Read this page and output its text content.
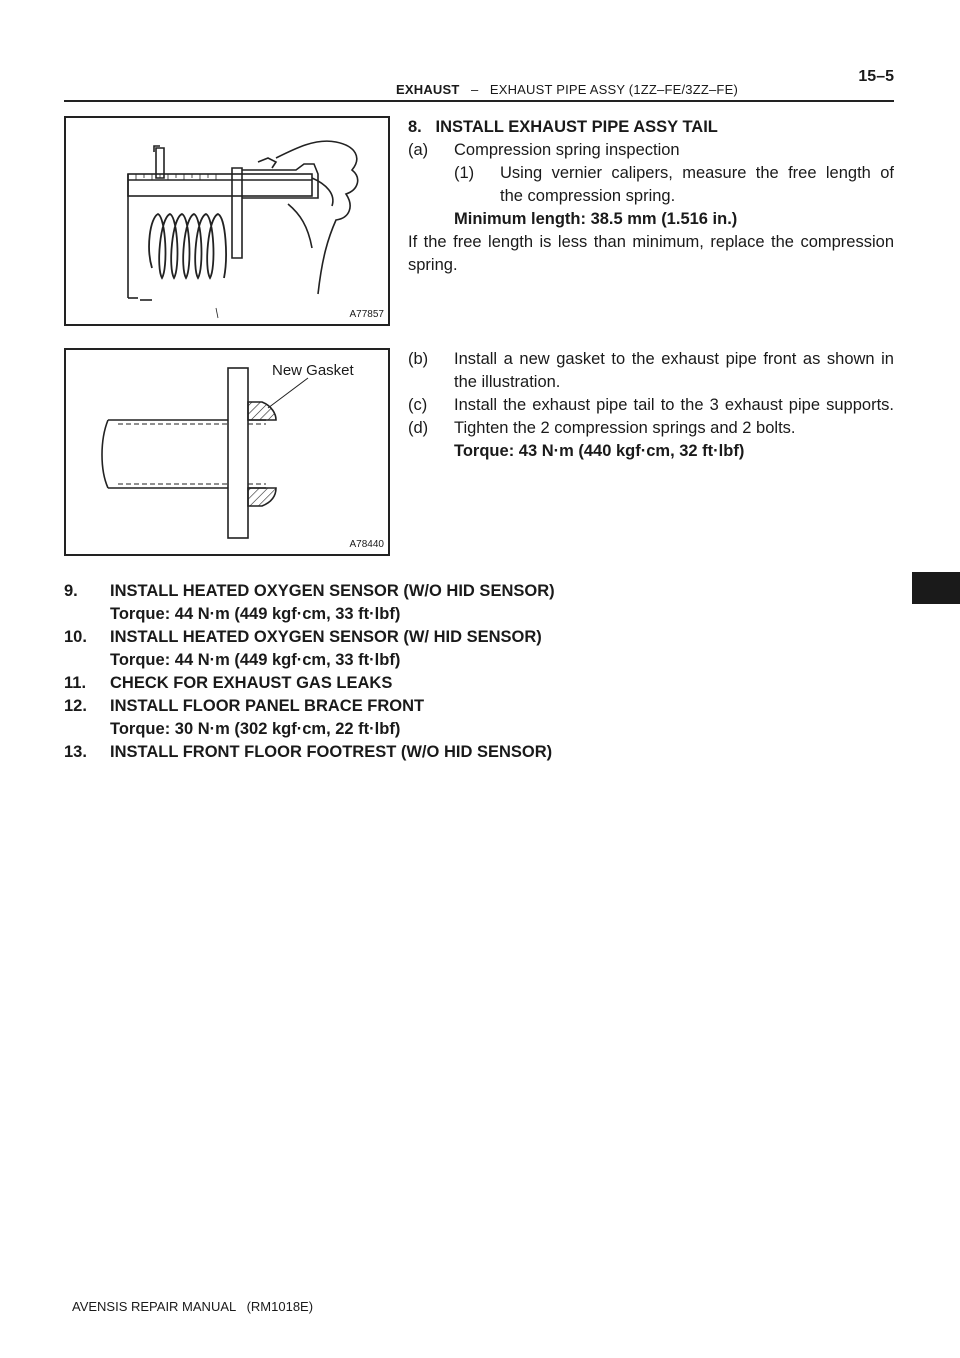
EXHAUST – EXHAUST PIPE ASSY (1ZZ–FE/3ZZ–FE)
15–5
A77857
New Gasket
A78440
8.   INSTALL EXHAUST PIPE ASSY TAIL
(a) Compression spring inspection
(1) Using vernier calipers, measure the free length of
the compression spring.
Minimum length: 38.5 mm (1.516 in.)
If the free length is less than minimum, replace the compression
spring.
(b) Install a new gasket to the exhaust pipe front as shown in
the illustration.
(c) Install the exhaust pipe tail to the 3 exhaust pipe supports.
(d) Tighten the 2 compression springs and 2 bolts.
Torque: 43 N·m (440 kgf·cm, 32 ft·lbf)
9. INSTALL HEATED OXYGEN SENSOR (W/O HID SENSOR)
Torque: 44 N·m (449 kgf·cm, 33 ft·lbf)
10. INSTALL HEATED OXYGEN SENSOR (W/ HID SENSOR)
Torque: 44 N·m (449 kgf·cm, 33 ft·lbf)
11. CHECK FOR EXHAUST GAS LEAKS
12. INSTALL FLOOR PANEL BRACE FRONT
Torque: 30 N·m (302 kgf·cm, 22 ft·lbf)
13. INSTALL FRONT FLOOR FOOTREST (W/O HID SENSOR)
AVENSIS REPAIR MANUAL   (RM1018E)
